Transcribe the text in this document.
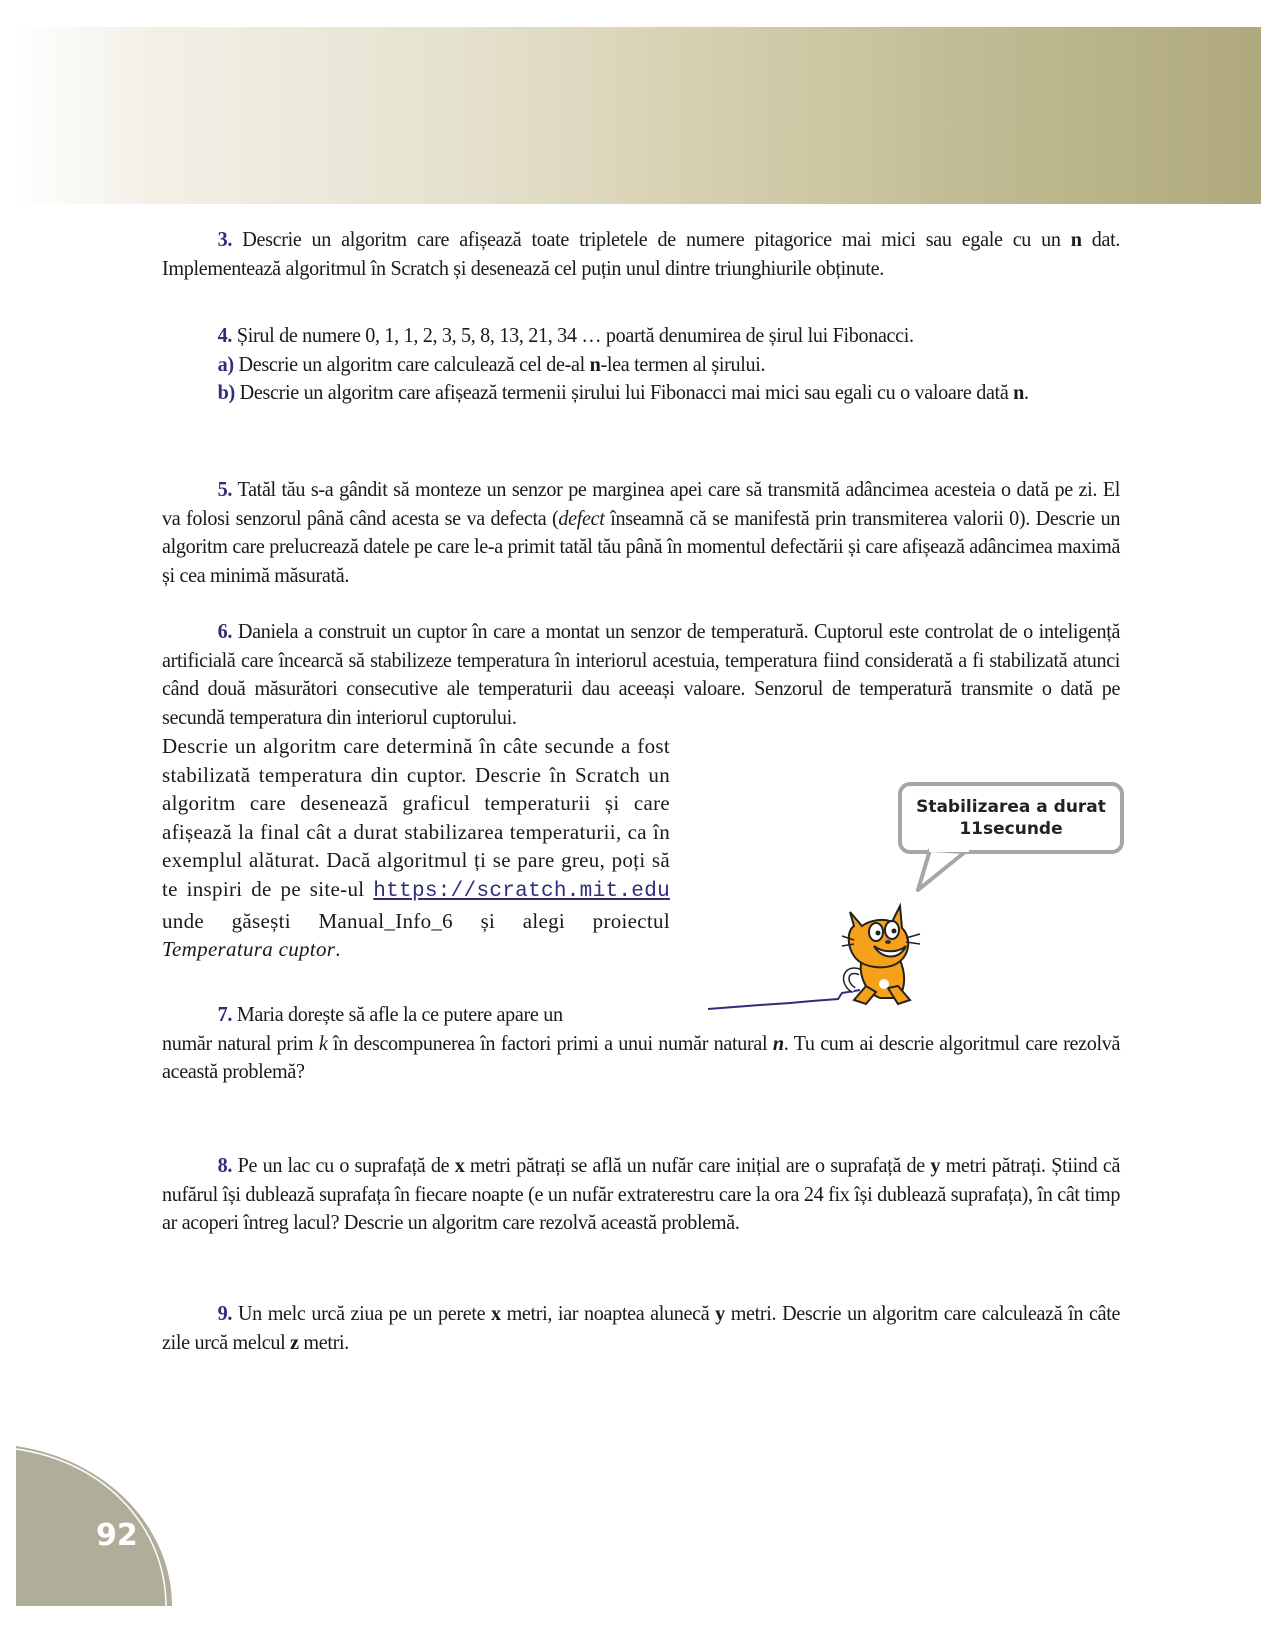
3. Descrie un algoritm care afișează toate tripletele de numere pitagorice mai mici sau egale cu un n dat. Implementează algoritmul în Scratch și desenează cel puțin unul dintre triunghiurile obținute.

4. Șirul de numere 0, 1, 1, 2, 3, 5, 8, 13, 21, 34 … poartă denumirea de șirul lui Fibonacci.

a) Descrie un algoritm care calculează cel de-al n-lea termen al șirului.

b) Descrie un algoritm care afișează termenii șirului lui Fibonacci mai mici sau egali cu o valoare dată n.

5. Tatăl tău s-a gândit să monteze un senzor pe marginea apei care să transmită adâncimea acesteia o dată pe zi. El va folosi senzorul până când acesta se va defecta (defect înseamnă că se manifestă prin transmiterea valorii 0). Descrie un algoritm care prelucrează datele pe care le-a primit tatăl tău până în momentul defectării și care afișează adâncimea maximă și cea minimă măsurată.

6. Daniela a construit un cuptor în care a montat un senzor de temperatură. Cuptorul este controlat de o inteligență artificială care încearcă să stabilizeze temperatura în interiorul acestuia, temperatura fiind considerată a fi stabilizată atunci când două măsurători consecutive ale temperaturii dau aceeași valoare. Senzorul de temperatură transmite o dată pe secundă temperatura din interiorul cuptorului.

Descrie un algoritm care determină în câte secunde a fost stabilizată temperatura din cuptor. Descrie în Scratch un algoritm care desenează graficul temperaturii și care afișează la final cât a durat stabilizarea temperaturii, ca în exemplul alăturat. Dacă algoritmul ți se pare greu, poți să te inspiri de pe site-ul https://scratch.mit.edu unde găsești Manual_Info_6 și alegi proiectul Temperatura cuptor.

7. Maria dorește să afle la ce putere apare un

număr natural prim k în descompunerea în factori primi a unui număr natural n. Tu cum ai descrie algoritmul care rezolvă această problemă?

8. Pe un lac cu o suprafață de x metri pătrați se află un nufăr care inițial are o suprafață de y metri pătrați. Știind că nufărul își dublează suprafața în fiecare noapte (e un nufăr extraterestru care la ora 24 fix își dublează suprafața), în cât timp ar acoperi întreg lacul? Descrie un algoritm care rezolvă această problemă.

9. Un melc urcă ziua pe un perete x metri, iar noaptea alunecă y metri. Descrie un algoritm care calculează în câte zile urcă melcul z metri.

Stabilizarea a durat
11secunde
92
